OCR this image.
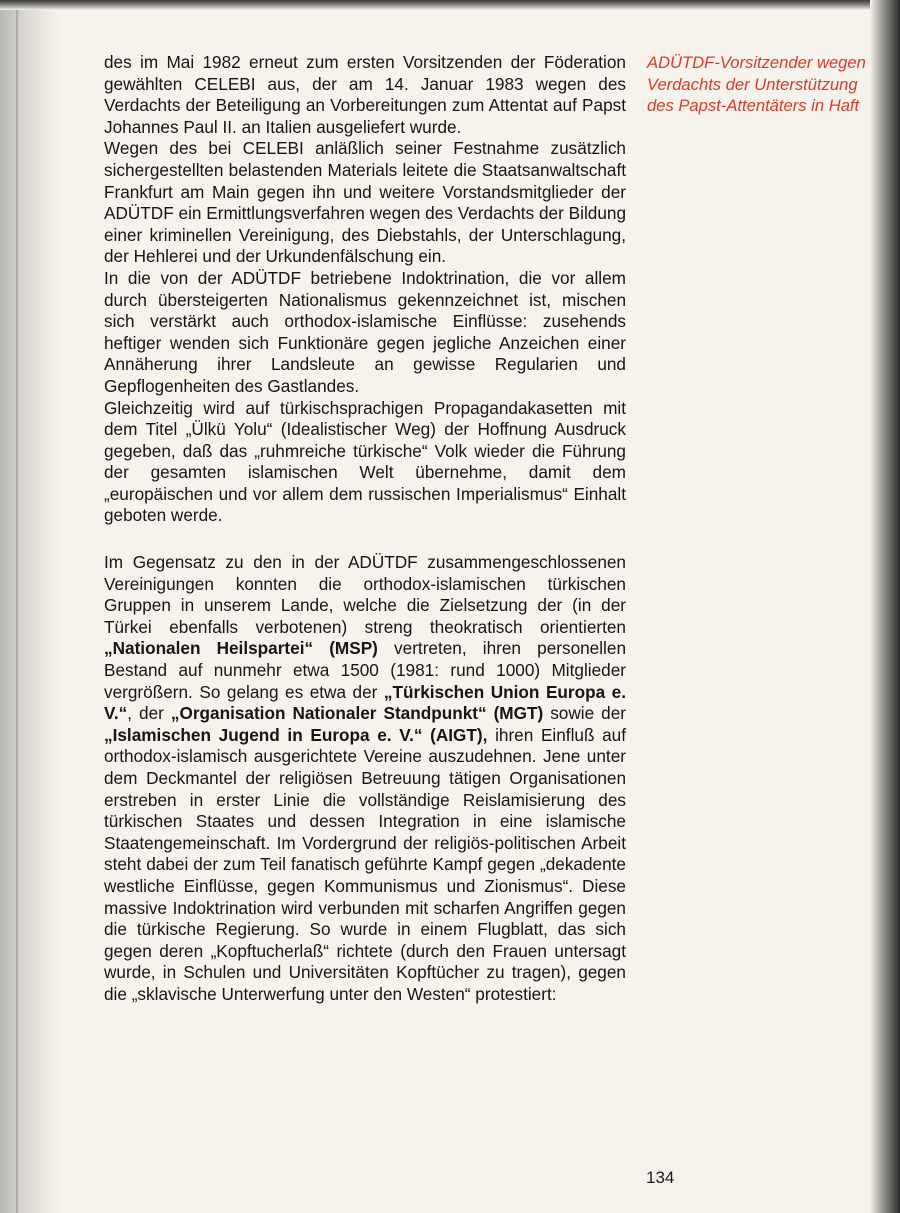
des im Mai 1982 erneut zum ersten Vorsitzenden der Föderation gewählten CELEBI aus, der am 14. Januar 1983 wegen des Verdachts der Beteiligung an Vorbereitungen zum Attentat auf Papst Johannes Paul II. an Italien ausgeliefert wurde.

Wegen des bei CELEBI anläßlich seiner Festnahme zusätzlich sichergestellten belastenden Materials leitete die Staatsanwaltschaft Frankfurt am Main gegen ihn und weitere Vorstandsmitglieder der ADÜTDF ein Ermittlungsverfahren wegen des Verdachts der Bildung einer kriminellen Vereinigung, des Diebstahls, der Unterschlagung, der Hehlerei und der Urkundenfälschung ein.

In die von der ADÜTDF betriebene Indoktrination, die vor allem durch übersteigerten Nationalismus gekennzeichnet ist, mischen sich verstärkt auch orthodox-islamische Einflüsse: zusehends heftiger wenden sich Funktionäre gegen jegliche Anzeichen einer Annäherung ihrer Landsleute an gewisse Regularien und Gepflogenheiten des Gastlandes.

Gleichzeitig wird auf türkischsprachigen Propagandakasetten mit dem Titel „Ülkü Yolu“ (Idealistischer Weg) der Hoffnung Ausdruck gegeben, daß das „ruhmreiche türkische“ Volk wieder die Führung der gesamten islamischen Welt übernehme, damit dem „europäischen und vor allem dem russischen Imperialismus“ Einhalt geboten werde.

Im Gegensatz zu den in der ADÜTDF zusammengeschlossenen Vereinigungen konnten die orthodox-islamischen türkischen Gruppen in unserem Lande, welche die Zielsetzung der (in der Türkei ebenfalls verbotenen) streng theokratisch orientierten „Nationalen Heilspartei“ (MSP) vertreten, ihren personellen Bestand auf nunmehr etwa 1500 (1981: rund 1000) Mitglieder vergrößern. So gelang es etwa der „Türkischen Union Europa e. V.“, der „Organisation Nationaler Standpunkt“ (MGT) sowie der „Islamischen Jugend in Europa e. V.“ (AIGT), ihren Einfluß auf orthodox-islamisch ausgerichtete Vereine auszudehnen. Jene unter dem Deckmantel der religiösen Betreuung tätigen Organisationen erstreben in erster Linie die vollständige Reislamisierung des türkischen Staates und dessen Integration in eine islamische Staatengemeinschaft. Im Vordergrund der religiös-politischen Arbeit steht dabei der zum Teil fanatisch geführte Kampf gegen „dekadente westliche Einflüsse, gegen Kommunismus und Zionismus“. Diese massive Indoktrination wird verbunden mit scharfen Angriffen gegen die türkische Regierung. So wurde in einem Flugblatt, das sich gegen deren „Kopftucherlaß“ richtete (durch den Frauen untersagt wurde, in Schulen und Universitäten Kopftücher zu tragen), gegen die „sklavische Unterwerfung unter den Westen“ protestiert:

ADÜTDF-Vorsitzender wegen Verdachts der Unterstützung des Papst-Attentäters in Haft
134
